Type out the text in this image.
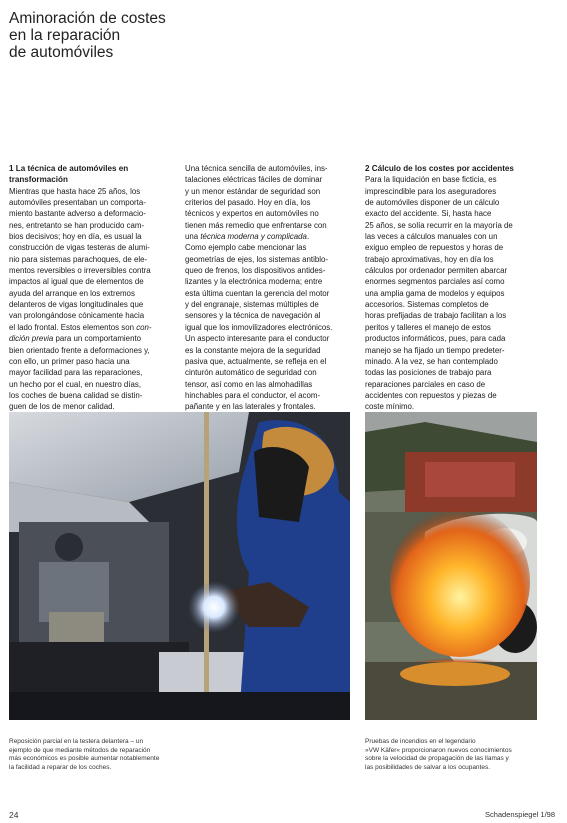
Aminoración de costes
en la reparación
de automóviles
1 La técnica de automóviles en
transformación

Mientras que hasta hace 25 años, los
automóviles presentaban un comporta-
miento bastante adverso a deformacio-
nes, entretanto se han producido cam-
bios decisivos; hoy en día, es usual la
construcción de vigas testeras de alumi-
nio para sistemas parachoques, de ele-
mentos reversibles o irreversibles contra
impactos al igual que de elementos de
ayuda del arranque en los extremos
delanteros de vigas longitudinales que
van prolongándose cónicamente hacia
el lado frontal. Estos elementos son con-
dición previa para un comportamiento
bien orientado frente a deformaciones y,
con ello, un primer paso hacia una
mayor facilidad para las reparaciones,
un hecho por el cual, en nuestro días,
los coches de buena calidad se distin-
guen de los de menor calidad.

Una técnica sencilla de automóviles, ins-
talaciones eléctricas fáciles de dominar
y un menor estándar de seguridad son
criterios del pasado. Hoy en día, los
técnicos y expertos en automóviles no
tienen más remedio que enfrentarse con
una técnica moderna y complicada.
Como ejemplo cabe mencionar las
geometrías de ejes, los sistemas antiblo-
queo de frenos, los dispositivos antides-
lizantes y la electrónica moderna; entre
esta última cuentan la gerencia del motor
y del engranaje, sistemas múltiples de
sensores y la técnica de navegación al
igual que los inmovilizadores electrónicos.
Un aspecto interesante para el conductor
es la constante mejora de la seguridad
pasiva que, actualmente, se refleja en el
cinturón automático de seguridad con
tensor, así como en las almohadillas
hinchables para el conductor, el acom-
pañante y en las laterales y frontales.

2 Cálculo de los costes por accidentes

Para la liquidación en base ficticia, es
imprescindible para los aseguradores
de automóviles disponer de un cálculo
exacto del accidente. Si, hasta hace
25 años, se solía recurrir en la mayoría de
las veces a cálculos manuales con un
exiguo empleo de repuestos y horas de
trabajo aproximativas, hoy en día los
cálculos por ordenador permiten abarcar
enormes segmentos parciales así como
una amplia gama de modelos y equipos
accesorios. Sistemas completos de
horas prefijadas de trabajo facilitan a los
peritos y talleres el manejo de estos
productos informáticos, pues, para cada
manejo se ha fijado un tiempo predeter-
minado. A la vez, se han contemplado
todas las posiciones de trabajo para
reparaciones parciales en caso de
accidentes con repuestos y piezas de
coste mínimo.

Reposición parcial en la testera delantera – un
ejemplo de que mediante métodos de reparación
más económicos es posible aumentar notablemente
la facilidad a reparar de los coches.
Pruebas de incendios en el legendario
»VW Käfer« proporcionaron nuevos conocimientos
sobre la velocidad de propagación de las llamas y
las posibilidades de salvar a los ocupantes.
24	Schadenspiegel 1/98
